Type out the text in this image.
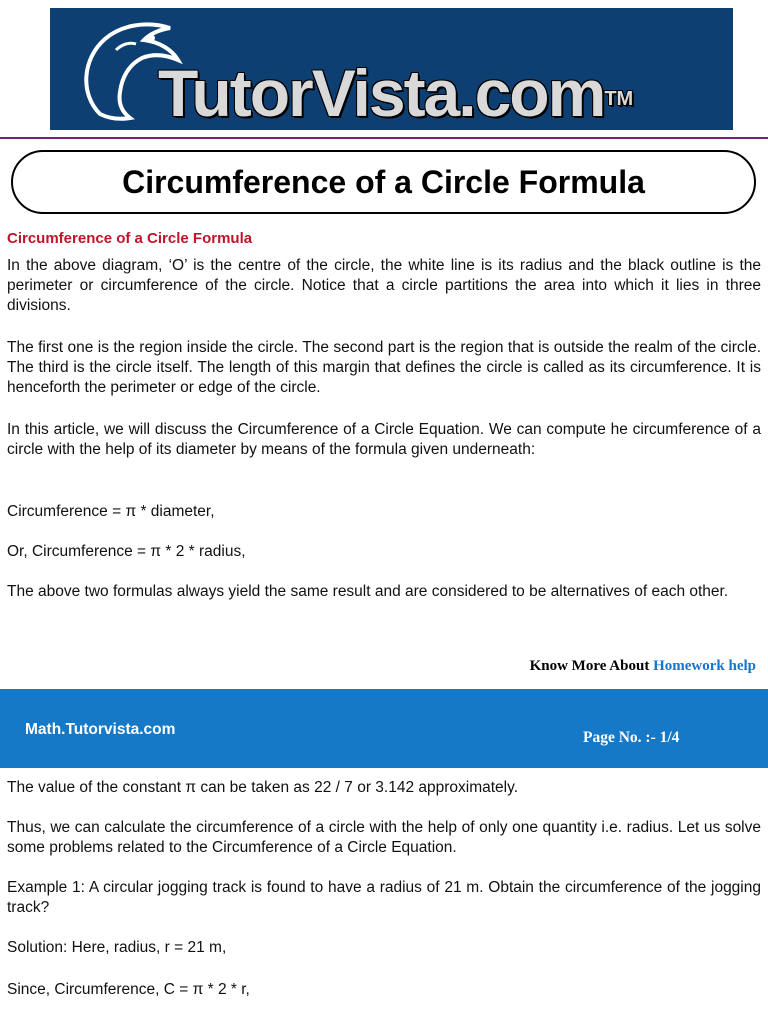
TutorVista.com™
Circumference of a Circle Formula
Circumference of a Circle Formula

In the above diagram, ‘O’ is the centre of the circle, the white line is its radius and the black outline is the perimeter or circumference of the circle. Notice that a circle partitions the area into which it lies in three divisions.

The first one is the region inside the circle. The second part is the region that is outside the realm of the circle. The third is the circle itself. The length of this margin that defines the circle is called as its circumference. It is henceforth the perimeter or edge of the circle.

In this article, we will discuss the Circumference of a Circle Equation. We can compute he circumference of a circle with the help of its diameter by means of the formula given underneath:

Circumference = π * diameter,

Or, Circumference = π * 2 * radius,

The above two formulas always yield the same result and are considered to be alternatives of each other.

Know More About Homework help
Math.Tutorvista.com	Page No. :- 1/4

The value of the constant π can be taken as 22 / 7 or 3.142 approximately.

Thus, we can calculate the circumference of a circle with the help of only one quantity i.e. radius. Let us solve some problems related to the Circumference of a Circle Equation.

Example 1: A circular jogging track is found to have a radius of 21 m. Obtain the circumference of the jogging track?

Solution: Here, radius, r = 21 m,

Since, Circumference, C = π * 2 * r,
